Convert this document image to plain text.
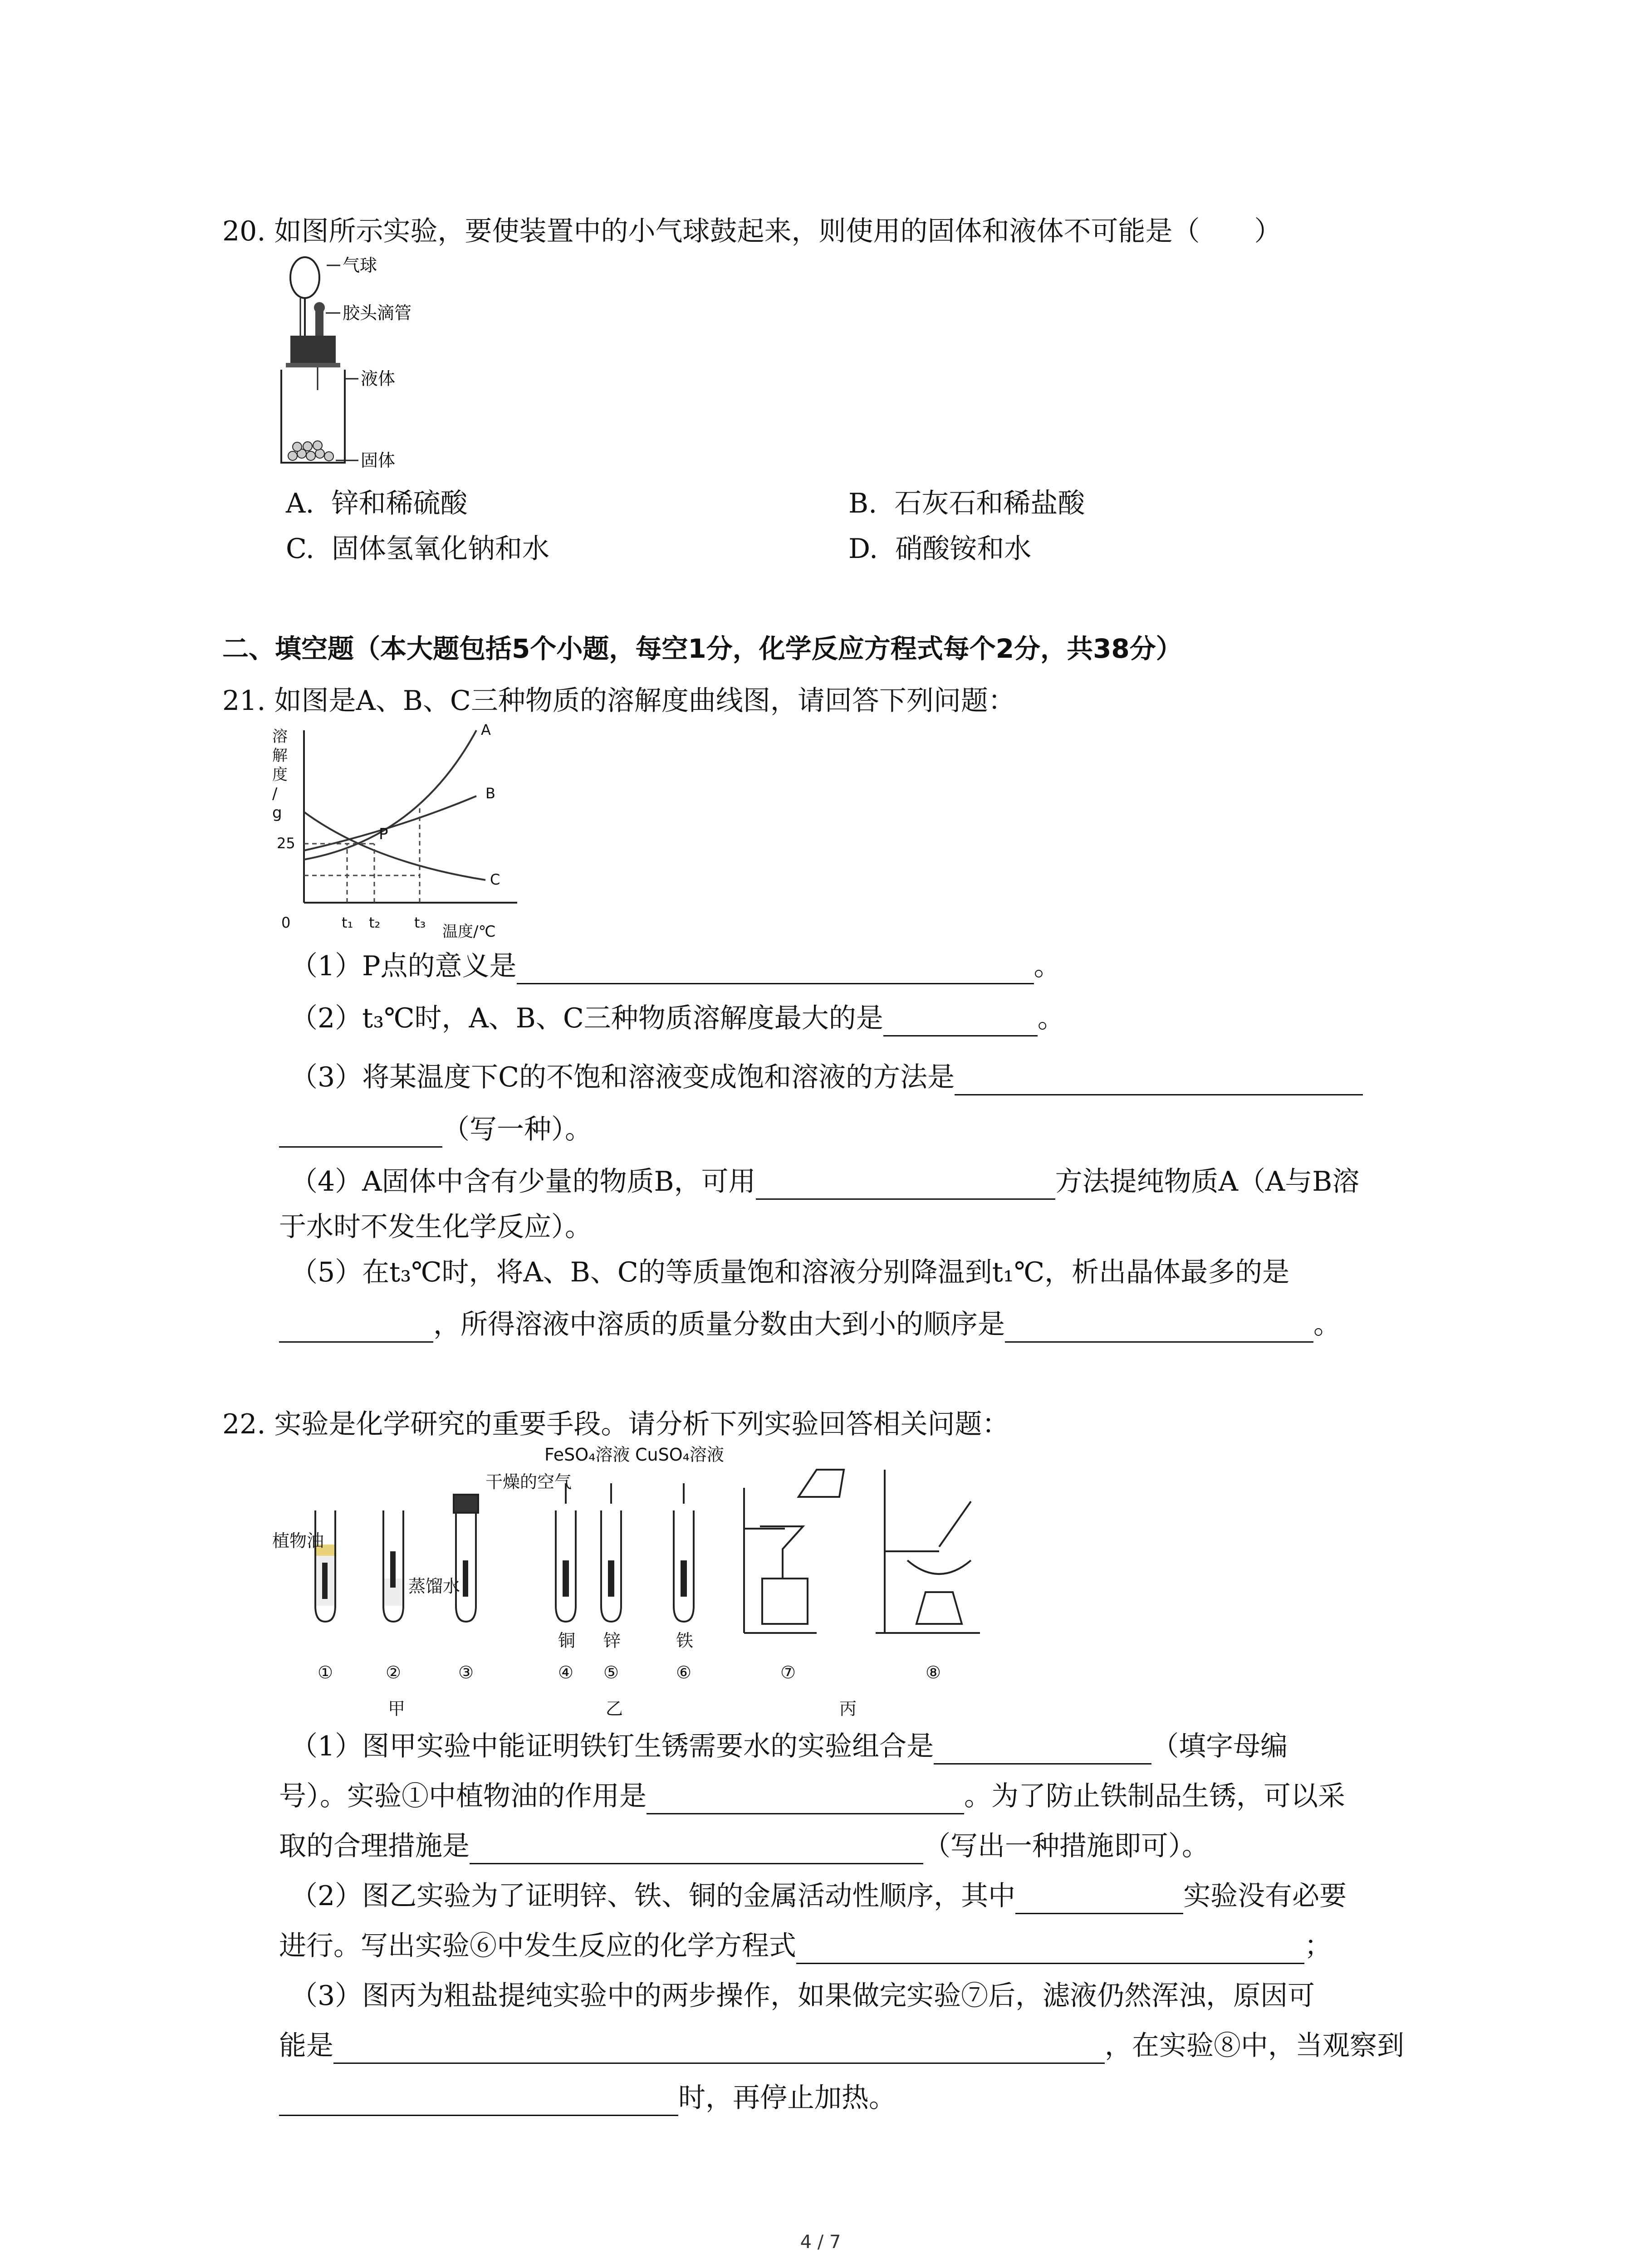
20. 如图所示实验，要使装置中的小气球鼓起来，则使用的固体和液体不可能是（　　）
气球
胶头滴管
液体
固体
A. 锌和稀硫酸	B. 石灰石和稀盐酸
C. 固体氢氧化钠和水	D. 硝酸铵和水
二、填空题（本大题包括5个小题，每空1分，化学反应方程式每个2分，共38分）
21. 如图是A、B、C三种物质的溶解度曲线图，请回答下列问题：
溶
解
度
/
g
25
0	t₁ t₂ t₃ 温度/℃
A
B
C
P
（1）P点的意义是	。
（2）t₃℃时，A、B、C三种物质溶解度最大的是	。
（3）将某温度下C的不饱和溶液变成饱和溶液的方法是
（写一种）。
（4）A固体中含有少量的物质B，可用	方法提纯物质A（A与B溶
于水时不发生化学反应）。
（5）在t₃℃时，将A、B、C的等质量饱和溶液分别降温到t₁℃，析出晶体最多的是
，所得溶液中溶质的质量分数由大到小的顺序是	。
22. 实验是化学研究的重要手段。请分析下列实验回答相关问题：
植物油
蒸馏水
干燥的空气
FeSO₄溶液 CuSO₄溶液
铜 锌	铁
①	②	③	④ ⑤	⑥	⑦	⑧
甲	乙	丙
（1）图甲实验中能证明铁钉生锈需要水的实验组合是	（填字母编
号）。实验①中植物油的作用是	。为了防止铁制品生锈，可以采
取的合理措施是	（写出一种措施即可）。
（2）图乙实验为了证明锌、铁、铜的金属活动性顺序，其中	实验没有必要
进行。写出实验⑥中发生反应的化学方程式	；
（3）图丙为粗盐提纯实验中的两步操作，如果做完实验⑦后，滤液仍然浑浊，原因可
能是	，在实验⑧中，当观察到
时，再停止加热。
4 / 7
